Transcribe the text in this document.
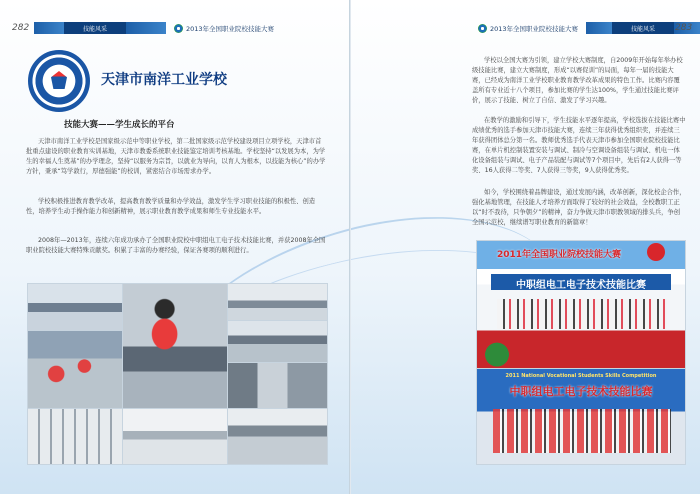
282	技能风采	2013年全国职业院校技能大赛
天津市南洋工业学校
技能大赛——学生成长的平台

天津市南洋工业学校是国家级示范中等职业学校，第二批国家级示范学校建设项目立项学校，天津市首批重点建设的职业教育实训基地，天津市教委系统职业技能鉴定培训考核基地。学校坚持“以发展为本，为学生的幸福人生奠基”的办学理念，坚持“以服务为宗旨，以就业为导向，以育人为根本，以技能为核心”的办学方针，秉承“笃学敦行，厚德强能”的校训，紧密结合市场需求办学。

学校积极推进教育教学改革，提高教育教学质量和办学效益，激发学生学习职业技能的积极性、创造性，培养学生动手操作能力和创新精神，展示职业教育教学成果和师生专业技能水平。

2008年—2013年，连续六年成功承办了全国职业院校中职组电工电子技术技能比赛，并获2008年全国职业院校技能大赛特殊贡献奖。积累了丰富的办赛经验，保证各赛项的顺利进行。

2013年全国职业院校技能大赛	技能风采	283

学校以全国大赛为引领，建立学校大赛制度，自2009年开始每年举办校级技能比赛，建立大赛制度，形成“以赛促训”的局面，每年一届的技能大赛，已经成为南洋工业学校职业教育教学改革成果的特色工作。比赛内容覆盖所有专业近十八个项目，参加比赛的学生达100%，学生通过技能比赛评价，展示了技能、树立了自信、激发了学习兴趣。

在教学的激励和引导下，学生技能水平逐年提高，学校选拔在技能比赛中成绩优秀的选手参加天津市技能大赛，连续三年获得优秀组织奖，并连续三年获得团体总分第一名。教师优秀选手代表天津市参加全国职业院校技能比赛，在单片机控制装置安装与调试、制冷与空调设备组装与调试、机电一体化设备组装与调试、电子产品装配与调试等7个项目中，先后有2人获得一等奖、16人获得二等奖、7人获得三等奖，9人获得优秀奖。

如今，学校围绕着品牌建设，通过发展内涵，改革创新，深化校企合作，强化基地管理，在技能人才培养方面取得了较好的社会效益，全校教职工正以“时不我待，只争朝夕”的精神，奋力争做天津市职教领域的排头兵，争创全国示范校，继续谱写职业教育的新篇章！

2011年全国职业院校技能大赛
中职组电工电子技术技能比赛
2011 National Vocational Students Skills Competition
中职组电工电子技术技能比赛
